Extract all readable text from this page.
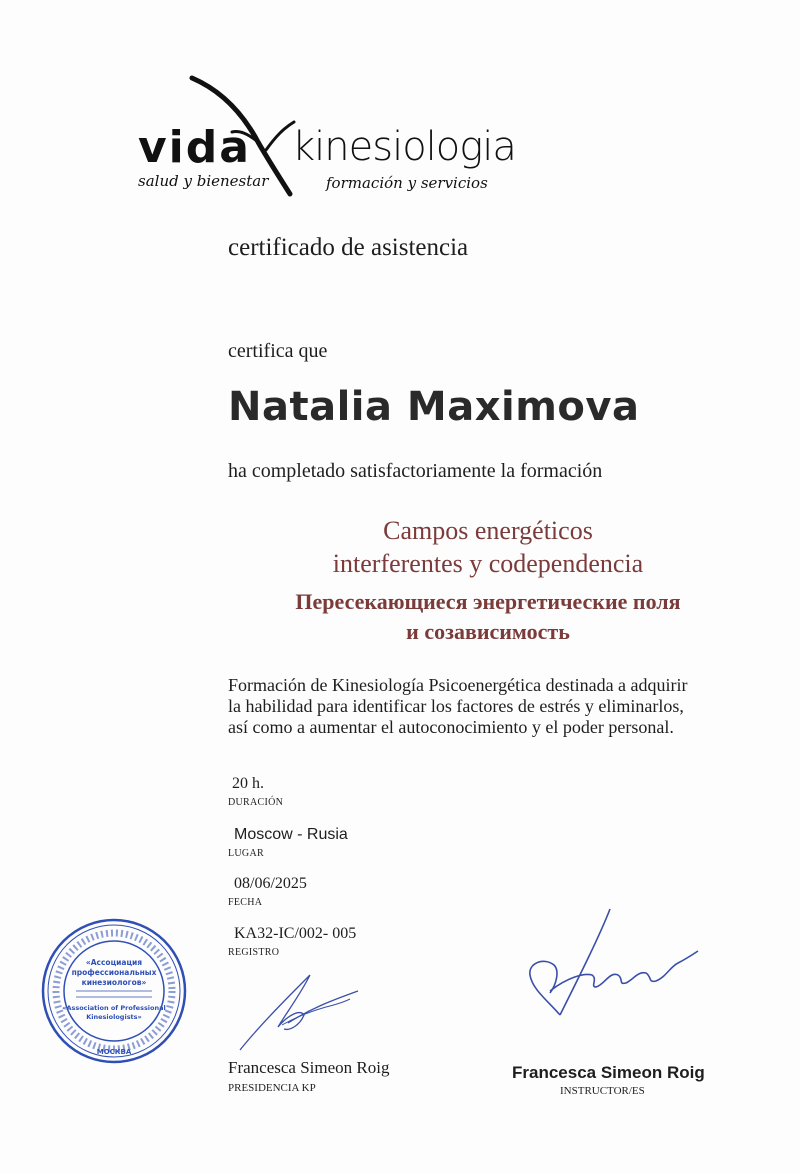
vida kinesiologia
salud y bienestar	formación y servicios
certificado de asistencia
certifica que
Natalia Maximova
ha completado satisfactoriamente la formación
Campos energéticos
interferentes y codependencia
Пересекающиеся энергетические поля
и созависимость
Formación de Kinesiología Psicoenergética destinada a adquirir
la habilidad para identificar los factores de estrés y eliminarlos,
así como a aumentar el autoconocimiento y el poder personal.
20 h.
DURACIÓN
Moscow - Rusia
LUGAR
08/06/2025
FECHA
KA32-IC/002- 005
REGISTRO
«Ассоциация
профессиональных
кинезиологов»
«Association of Professional
Kinesiologists»
МОСКВА
Francesca Simeon Roig
PRESIDENCIA KP
Francesca Simeon Roig
INSTRUCTOR/ES
